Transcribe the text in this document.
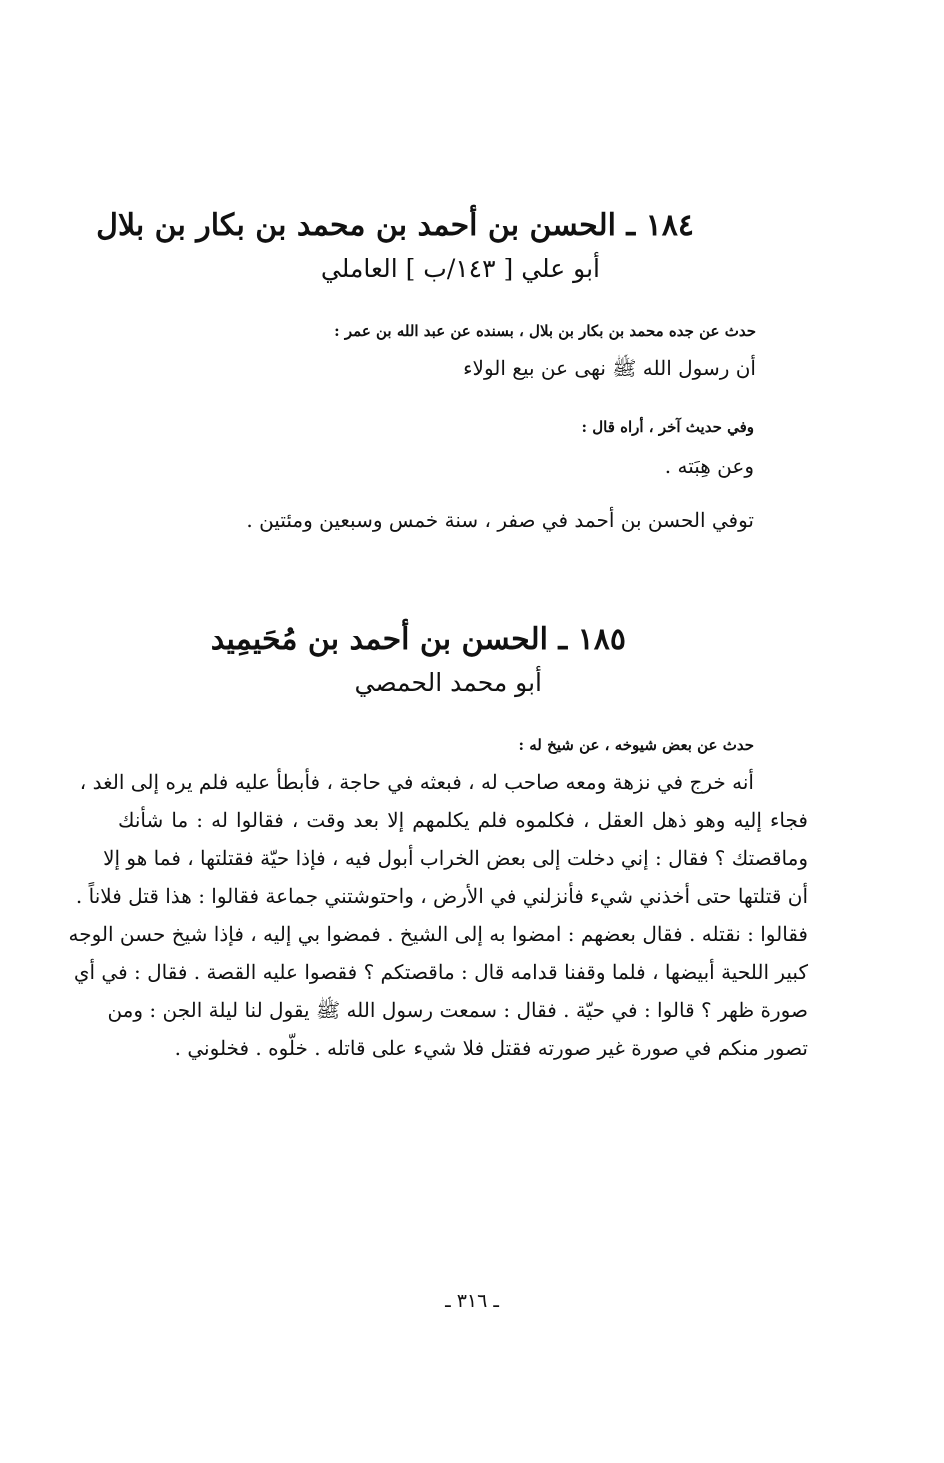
١٨٤ ـ الحسن بن أحمد بن محمد بن بكار بن بلال
أبو علي [ ١٤٣/ب ] العاملي
حدث عن جده محمد بن بكار بن بلال ، بسنده عن عبد الله بن عمر :
أن رسول الله ﷺ نهى عن بيع الولاء
وفي حديث آخر ، أراه قال :
وعن هِبَته .
توفي الحسن بن أحمد في صفر ، سنة خمس وسبعين ومئتين .
١٨٥ ـ الحسن بن أحمد بن مُحَيمِيد
أبو محمد الحمصي
حدث عن بعض شيوخه ، عن شيخ له :
أنه خرج في نزهة ومعه صاحب له ، فبعثه في حاجة ، فأبطأ عليه فلم يره إلى الغد ،
فجاء إليه وهو ذهل العقل ، فكلموه فلم يكلمهم إلا بعد وقت ، فقالوا له : ما شأنك
وماقصتك ؟ فقال : إني دخلت إلى بعض الخراب أبول فيه ، فإذا حيّة فقتلتها ، فما هو إلا
أن قتلتها حتى أخذني شيء فأنزلني في الأرض ، واحتوشتني جماعة فقالوا : هذا قتل فلاناً .
فقالوا : نقتله . فقال بعضهم : امضوا به إلى الشيخ . فمضوا بي إليه ، فإذا شيخ حسن الوجه
كبير اللحية أبيضها ، فلما وقفنا قدامه قال : ماقصتكم ؟ فقصوا عليه القصة . فقال : في أي
صورة ظهر ؟ قالوا : في حيّة . فقال : سمعت رسول الله ﷺ يقول لنا ليلة الجن : ومن
تصور منكم في صورة غير صورته فقتل فلا شيء على قاتله . خلّوه . فخلوني .
ـ ٣١٦ ـ
